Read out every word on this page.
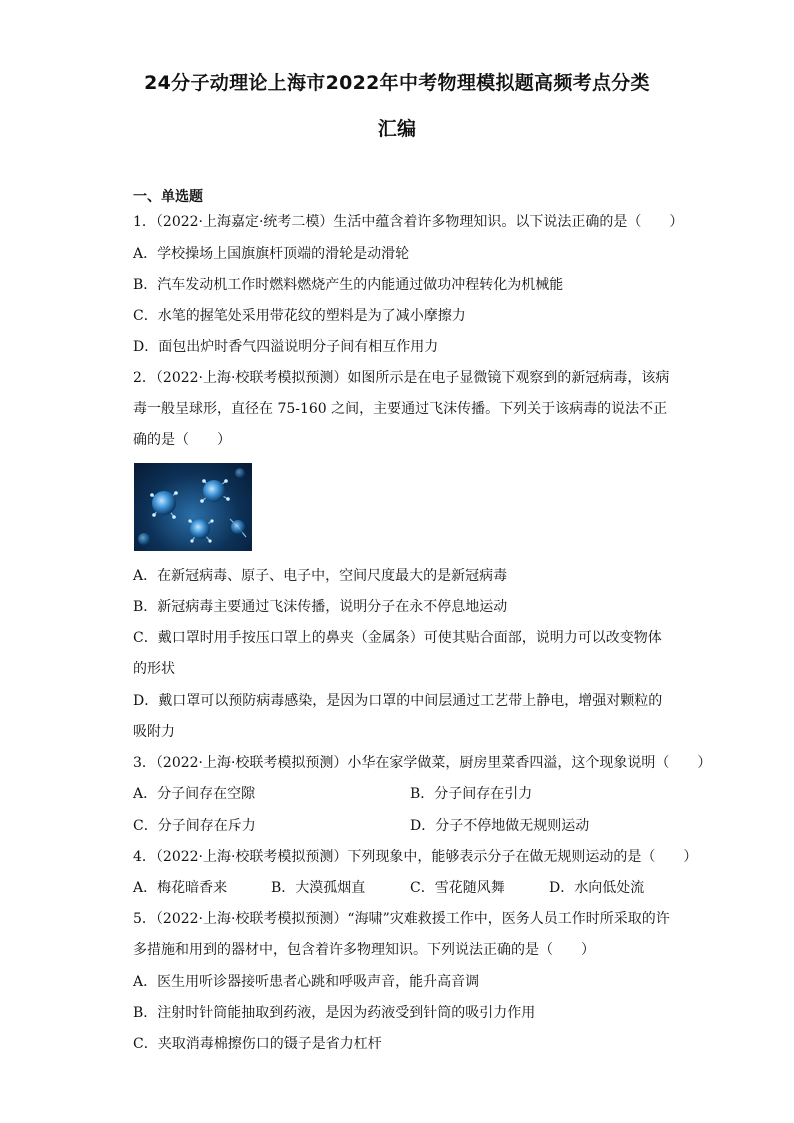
24分子动理论上海市2022年中考物理模拟题高频考点分类
汇编
一、单选题
1．（2022·上海嘉定·统考二模）生活中蕴含着许多物理知识。以下说法正确的是（　　）
A．学校操场上国旗旗杆顶端的滑轮是动滑轮
B．汽车发动机工作时燃料燃烧产生的内能通过做功冲程转化为机械能
C．水笔的握笔处采用带花纹的塑料是为了减小摩擦力
D．面包出炉时香气四溢说明分子间有相互作用力
2．（2022·上海·校联考模拟预测）如图所示是在电子显微镜下观察到的新冠病毒，该病
毒一般呈球形，直径在 75-160 之间，主要通过飞沫传播。下列关于该病毒的说法不正
确的是（　　）
A．在新冠病毒、原子、电子中，空间尺度最大的是新冠病毒
B．新冠病毒主要通过飞沫传播，说明分子在永不停息地运动
C．戴口罩时用手按压口罩上的鼻夹（金属条）可使其贴合面部，说明力可以改变物体
的形状
D．戴口罩可以预防病毒感染，是因为口罩的中间层通过工艺带上静电，增强对颗粒的
吸附力
3．（2022·上海·校联考模拟预测）小华在家学做菜，厨房里菜香四溢，这个现象说明（　　）
A．分子间存在空隙	B．分子间存在引力
C．分子间存在斥力	D．分子不停地做无规则运动
4．（2022·上海·校联考模拟预测）下列现象中，能够表示分子在做无规则运动的是（　　）
A．梅花暗香来	B．大漠孤烟直	C．雪花随风舞	D．水向低处流
5．（2022·上海·校联考模拟预测）“海啸”灾难救援工作中，医务人员工作时所采取的许
多措施和用到的器材中，包含着许多物理知识。下列说法正确的是（　　）
A．医生用听诊器接听患者心跳和呼吸声音，能升高音调
B．注射时针筒能抽取到药液，是因为药液受到针筒的吸引力作用
C．夹取消毒棉擦伤口的镊子是省力杠杆
